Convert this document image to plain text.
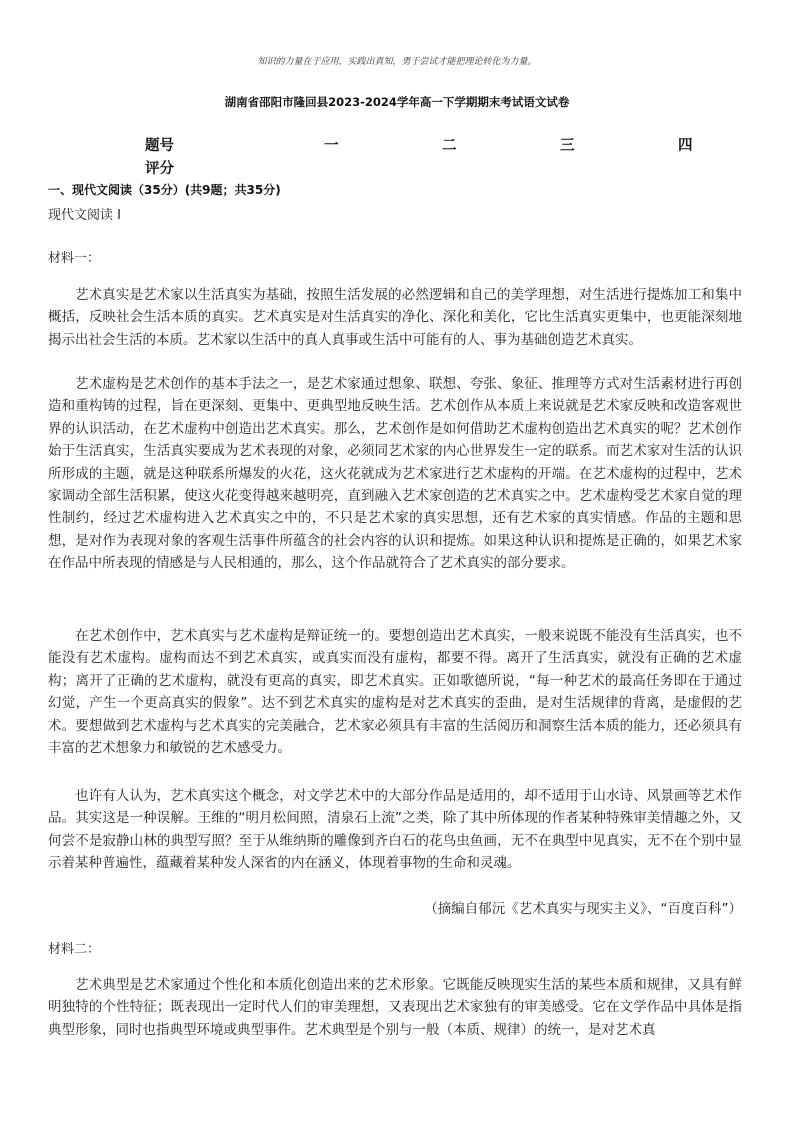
知识的力量在于应用，实践出真知，勇于尝试才能把理论转化为力量。
湖南省邵阳市隆回县2023-2024学年高一下学期期末考试语文试卷
题号	一	二	三	四
评分
一、现代文阅读（35分）(共9题；共35分)
现代文阅读 I
材料一：

艺术真实是艺术家以生活真实为基础，按照生活发展的必然逻辑和自己的美学理想，对生活进行提炼加工和集中概括，反映社会生活本质的真实。艺术真实是对生活真实的净化、深化和美化，它比生活真实更集中，也更能深刻地揭示出社会生活的本质。艺术家以生活中的真人真事或生活中可能有的人、事为基础创造艺术真实。

艺术虚构是艺术创作的基本手法之一，是艺术家通过想象、联想、夸张、象征、推理等方式对生活素材进行再创造和重构铸的过程，旨在更深刻、更集中、更典型地反映生活。艺术创作从本质上来说就是艺术家反映和改造客观世界的认识活动，在艺术虚构中创造出艺术真实。那么，艺术创作是如何借助艺术虚构创造出艺术真实的呢？艺术创作始于生活真实，生活真实要成为艺术表现的对象，必须同艺术家的内心世界发生一定的联系。而艺术家对生活的认识所形成的主题，就是这种联系所爆发的火花，这火花就成为艺术家进行艺术虚构的开端。在艺术虚构的过程中，艺术家调动全部生活积累，使这火花变得越来越明亮，直到融入艺术家创造的艺术真实之中。艺术虚构受艺术家自觉的理性制约，经过艺术虚构进入艺术真实之中的，不只是艺术家的真实思想，还有艺术家的真实情感。作品的主题和思想，是对作为表现对象的客观生活事件所蕴含的社会内容的认识和提炼。如果这种认识和提炼是正确的，如果艺术家在作品中所表现的情感是与人民相通的，那么，这个作品就符合了艺术真实的部分要求。

在艺术创作中，艺术真实与艺术虚构是辩证统一的。要想创造出艺术真实，一般来说既不能没有生活真实，也不能没有艺术虚构。虚构而达不到艺术真实，或真实而没有虚构，都要不得。离开了生活真实，就没有正确的艺术虚构；离开了正确的艺术虚构，就没有更高的真实，即艺术真实。正如歌德所说，“每一种艺术的最高任务即在于通过幻觉，产生一个更高真实的假象”。达不到艺术真实的虚构是对艺术真实的歪曲，是对生活规律的背离，是虚假的艺术。要想做到艺术虚构与艺术真实的完美融合，艺术家必须具有丰富的生活阅历和洞察生活本质的能力，还必须具有丰富的艺术想象力和敏锐的艺术感受力。

也许有人认为，艺术真实这个概念，对文学艺术中的大部分作品是适用的，却不适用于山水诗、风景画等艺术作品。其实这是一种误解。王维的“明月松间照，清泉石上流”之类，除了其中所体现的作者某种特殊审美情趣之外，又何尝不是寂静山林的典型写照？至于从维纳斯的雕像到齐白石的花鸟虫鱼画，无不在典型中见真实，无不在个别中显示着某种普遍性，蕴藏着某种发人深省的内在涵义，体现着事物的生命和灵魂。

（摘编自郁沅《艺术真实与现实主义》、“百度百科”）
材料二：

艺术典型是艺术家通过个性化和本质化创造出来的艺术形象。它既能反映现实生活的某些本质和规律，又具有鲜明独特的个性特征；既表现出一定时代人们的审美理想，又表现出艺术家独有的审美感受。它在文学作品中具体是指典型形象，同时也指典型环境或典型事件。艺术典型是个别与一般（本质、规律）的统一，是对艺术真
